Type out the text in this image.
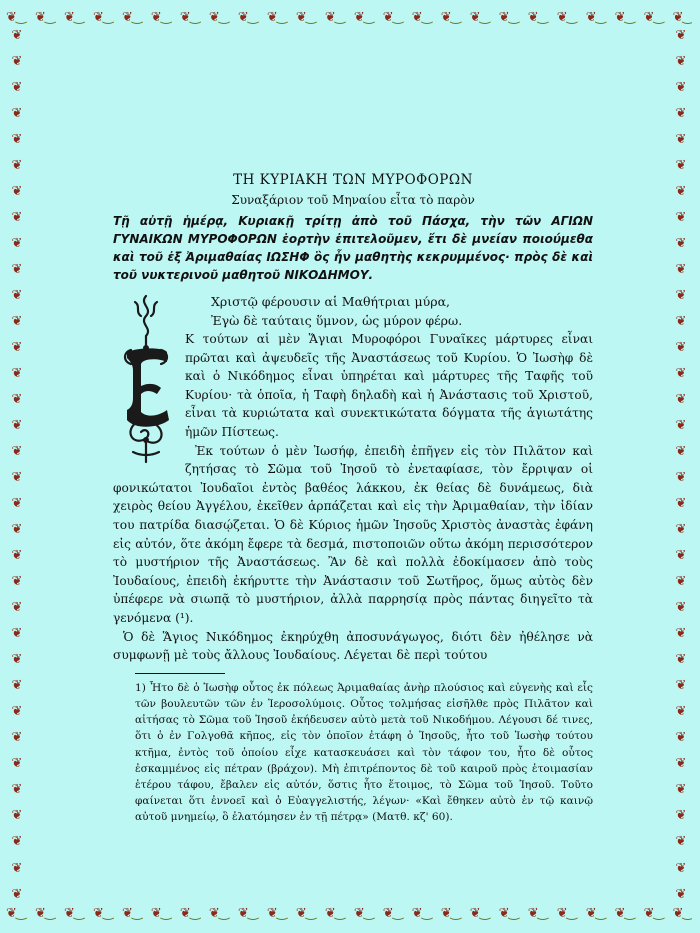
❦‿ ❦‿ ❦‿ ❦‿ ❦‿ ❦‿ ❦‿ ❦‿ ❦‿ ❦‿ ❦‿ ❦‿ ❦‿ ❦‿ ❦‿ ❦‿ ❦‿ ❦‿ ❦‿ ❦‿ ❦‿ ❦‿ ❦‿ ❦‿
❦‿ ❦‿ ❦‿ ❦‿ ❦‿ ❦‿ ❦‿ ❦‿ ❦‿ ❦‿ ❦‿ ❦‿ ❦‿ ❦‿ ❦‿ ❦‿ ❦‿ ❦‿ ❦‿ ❦‿ ❦‿ ❦‿ ❦‿ ❦‿
❦
❦
❦
❦
❦
❦
❦
❦
❦
❦
❦
❦
❦
❦
❦
❦
❦
❦
❦
❦
❦
❦
❦
❦
❦
❦
❦
❦
❦
❦
❦
❦
❦
❦
❦
❦
❦
❦
❦
❦
❦
❦
❦
❦
❦
❦
❦
❦
❦
❦
❦
❦
❦
❦
❦
❦
❦
❦
❦
❦
❦
❦
❦
❦
❦
❦
❦
❦
ΤΗ ΚΥΡΙΑΚΗ ΤΩΝ ΜΥΡΟΦΟΡΩΝ
Συναξάριον τοῦ Μηναίου εἶτα τὸ παρὸν

Τῇ αὐτῇ ἡμέρᾳ, Κυριακῇ τρίτῃ ἀπὸ τοῦ Πάσχα, τὴν τῶν ΑΓΙΩΝ ΓΥΝΑΙΚΩΝ ΜΥΡΟΦΟΡΩΝ ἑορτὴν ἐπιτελοῦμεν, ἔτι δὲ μνείαν ποιούμεθα καὶ τοῦ ἐξ Ἀριμαθαίας ΙΩΣΗΦ ὃς ἦν μαθητὴς κεκρυμμένος· πρὸς δὲ καὶ τοῦ νυκτερινοῦ μαθητοῦ ΝΙΚΟΔΗΜΟΥ.

Χριστῷ φέρουσιν αἱ Μαθήτριαι μύρα,
Ἐγὼ δὲ ταύταις ὕμνον, ὡς μύρον φέρω.

Κ τούτων αἱ μὲν Ἅγιαι Μυροφόροι Γυναῖκες μάρτυρες εἶναι πρῶται καὶ ἀψευδεῖς τῆς Ἀναστάσεως τοῦ Κυρίου. Ὁ Ἰωσὴφ δὲ καὶ ὁ Νικόδημος εἶναι ὑπηρέται καὶ μάρτυρες τῆς Ταφῆς τοῦ Κυρίου· τὰ ὁποῖα, ἡ Ταφὴ δηλαδὴ καὶ ἡ Ἀνάστασις τοῦ Χριστοῦ, εἶναι τὰ κυριώτατα καὶ συνεκτικώτατα δόγματα τῆς ἁγιωτάτης ἡμῶν Πίστεως.

Ἐκ τούτων ὁ μὲν Ἰωσήφ, ἐπειδὴ ἐπῆγεν εἰς τὸν Πιλᾶτον καὶ ζητήσας τὸ Σῶμα τοῦ Ἰησοῦ τὸ ἐνεταφίασε, τὸν ἔρριψαν οἱ φονικώτατοι Ἰουδαῖοι ἐντὸς βαθέος λάκκου, ἐκ θείας δὲ δυνάμεως, διὰ χειρὸς θείου Ἀγγέλου, ἐκεῖθεν ἁρπάζεται καὶ εἰς τὴν Ἀριμαθαίαν, τὴν ἰδίαν του πατρίδα διασῴζεται. Ὁ δὲ Κύριος ἡμῶν Ἰησοῦς Χριστὸς ἀναστὰς ἐφάνη εἰς αὐτόν, ὅτε ἀκόμη ἔφερε τὰ δεσμά, πιστοποιῶν οὕτω ἀκόμη περισσότερον τὸ μυστήριον τῆς Ἀναστάσεως. Ἂν δὲ καὶ πολλὰ ἐδοκίμασεν ἀπὸ τοὺς Ἰουδαίους, ἐπειδὴ ἐκήρυττε τὴν Ἀνάστασιν τοῦ Σωτῆρος, ὅμως αὐτὸς δὲν ὑπέφερε νὰ σιωπᾷ τὸ μυστήριον, ἀλλὰ παρρησίᾳ πρὸς πάντας διηγεῖτο τὰ γενόμενα (¹).

Ὁ δὲ Ἅγιος Νικόδημος ἐκηρύχθη ἀποσυνάγωγος, διότι δὲν ἠθέλησε νὰ συμφωνῇ μὲ τοὺς ἄλλους Ἰουδαίους. Λέγεται δὲ περὶ τούτου

1) Ἦτο δὲ ὁ Ἰωσὴφ οὗτος ἐκ πόλεως Ἀριμαθαίας ἀνὴρ πλούσιος καὶ εὐγενὴς καὶ εἷς τῶν βουλευτῶν τῶν ἐν Ἱεροσολύμοις. Οὗτος τολμήσας εἰσῆλθε πρὸς Πιλᾶτον καὶ αἰτήσας τὸ Σῶμα τοῦ Ἰησοῦ ἐκήδευσεν αὐτὸ μετὰ τοῦ Νικοδήμου. Λέγουσι δέ τινες, ὅτι ὁ ἐν Γολγοθᾶ κῆπος, εἰς τὸν ὁποῖον ἐτάφη ὁ Ἰησοῦς, ἦτο τοῦ Ἰωσὴφ τούτου κτῆμα, ἐντὸς τοῦ ὁποίου εἶχε κατασκευάσει καὶ τὸν τάφον του, ἦτο δὲ οὗτος ἐσκαμμένος εἰς πέτραν (βράχον). Μὴ ἐπιτρέποντος δὲ τοῦ καιροῦ πρὸς ἑτοιμασίαν ἑτέρου τάφου, ἔβαλεν εἰς αὐτόν, ὅστις ἦτο ἕτοιμος, τὸ Σῶμα τοῦ Ἰησοῦ. Τοῦτο φαίνεται ὅτι ἐννοεῖ καὶ ὁ Εὐαγγελιστής, λέγων· «Καὶ ἔθηκεν αὐτὸ ἐν τῷ καινῷ αὐτοῦ μνημείῳ, ὃ ἐλατόμησεν ἐν τῇ πέτρᾳ» (Ματθ. κζ' 60).
